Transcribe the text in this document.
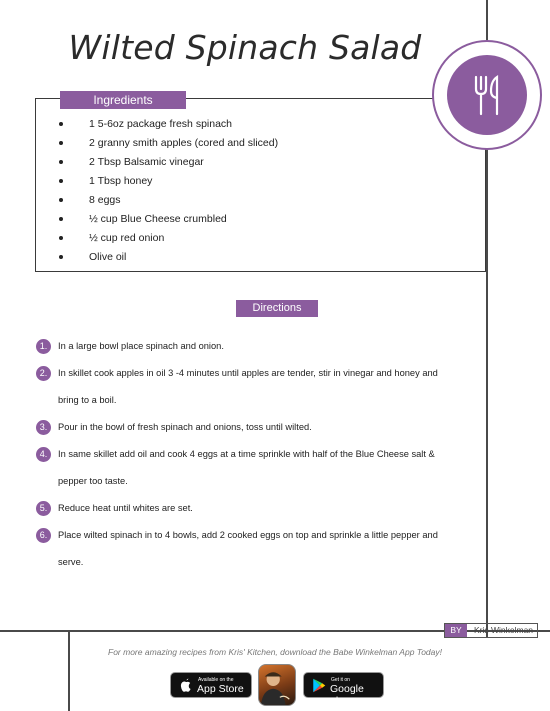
Wilted Spinach Salad
Ingredients
1 5-6oz package fresh spinach
2 granny smith apples (cored and sliced)
2 Tbsp Balsamic vinegar
1 Tbsp honey
8 eggs
½ cup Blue Cheese crumbled
½ cup red onion
Olive oil
Directions
1.	In a large bowl place spinach and onion.
2.	In skillet cook apples in oil 3 -4 minutes until apples are tender, stir in vinegar and honey and bring to a boil.
3.	Pour in the bowl of fresh spinach and onions, toss until wilted.
4.	In same skillet add oil and cook 4 eggs at a time sprinkle with half of the Blue Cheese salt & pepper too taste.
5.	Reduce heat until whites are set.
6.	Place wilted spinach in to 4 bowls, add 2 cooked eggs on top and sprinkle a little pepper and serve.
BY	Kris Winkelman
For more amazing recipes from Kris' Kitchen, download the Babe Winkelman App Today!
Available on the
App Store
Get it on
Google play
